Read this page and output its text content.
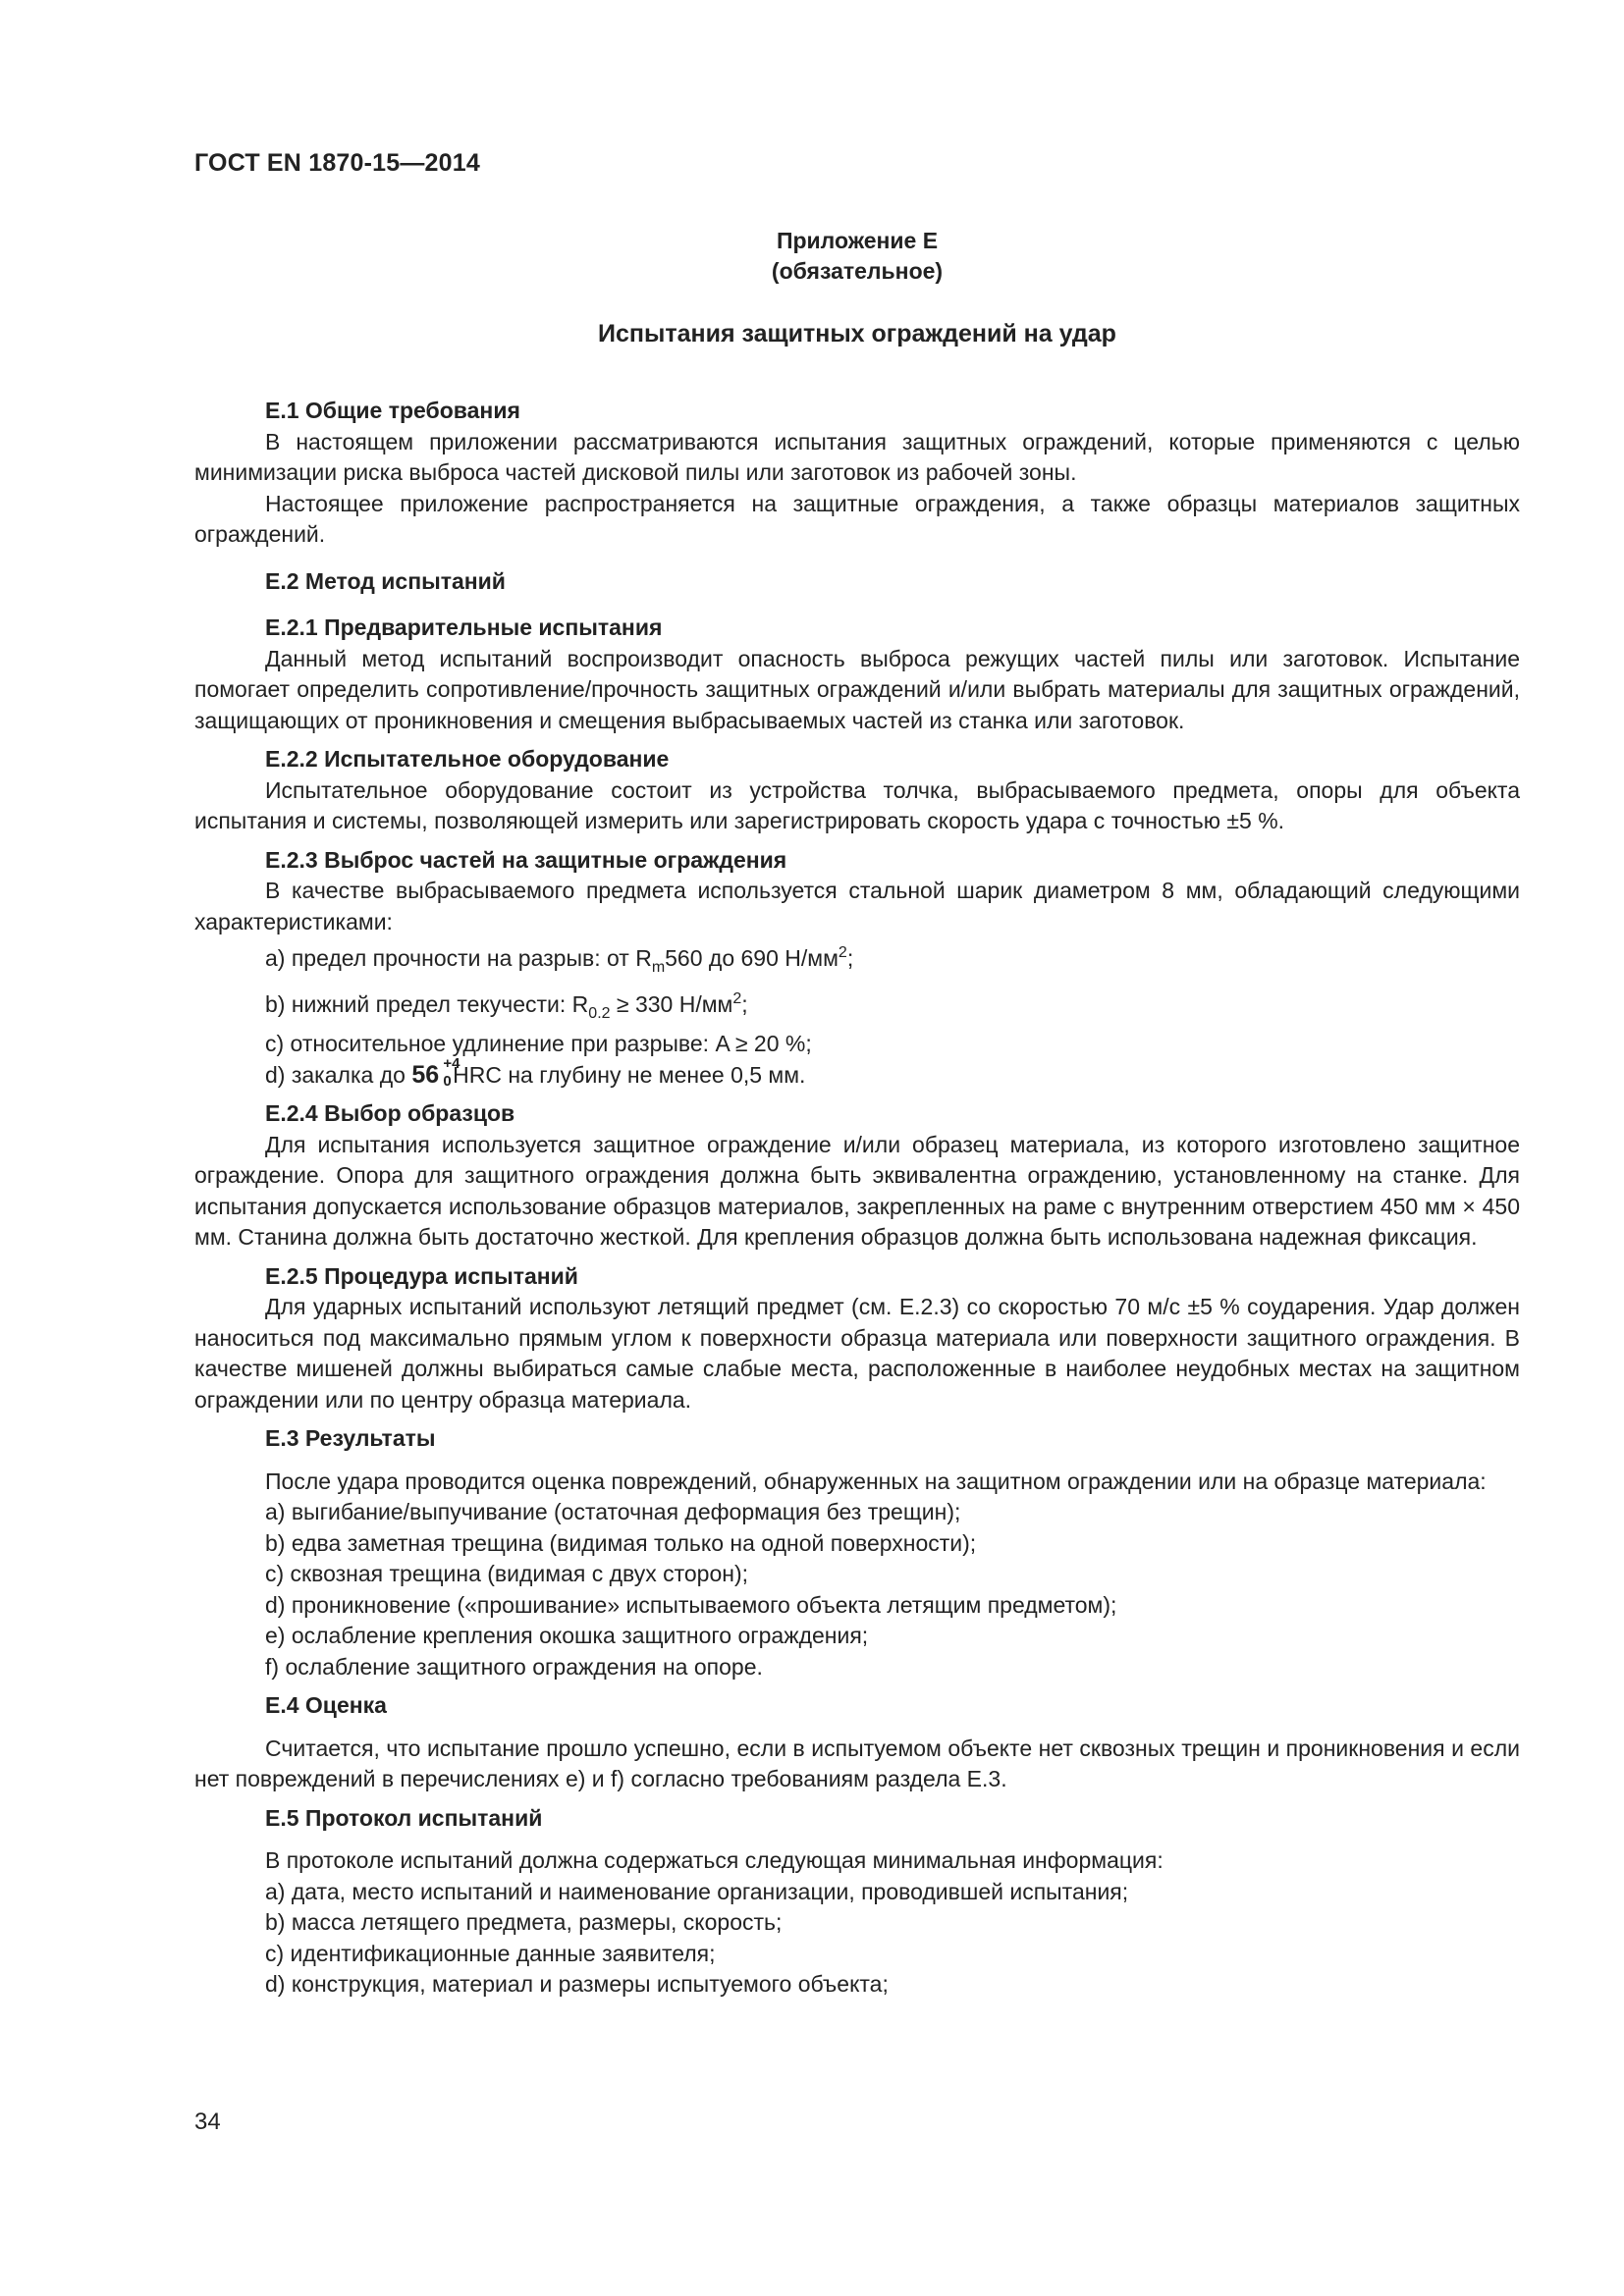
ГОСТ EN 1870-15—2014
Приложение Е
(обязательное)
Испытания защитных ограждений на удар
Е.1 Общие требования

В настоящем приложении рассматриваются испытания защитных ограждений, которые применяются с целью минимизации риска выброса частей дисковой пилы или заготовок из рабочей зоны.

Настоящее приложение распространяется на защитные ограждения, а также образцы материалов защитных ограждений.

Е.2 Метод испытаний
Е.2.1 Предварительные испытания

Данный метод испытаний воспроизводит опасность выброса режущих частей пилы или заготовок. Испытание помогает определить сопротивление/прочность защитных ограждений и/или выбрать материалы для защитных ограждений, защищающих от проникновения и смещения выбрасываемых частей из станка или заготовок.

Е.2.2 Испытательное оборудование

Испытательное оборудование состоит из устройства толчка, выбрасываемого предмета, опоры для объекта испытания и системы, позволяющей измерить или зарегистрировать скорость удара с точностью ±5 %.

Е.2.3 Выброс частей на защитные ограждения

В качестве выбрасываемого предмета используется стальной шарик диаметром 8 мм, обладающий следующими характеристиками:

a) предел прочности на разрыв: от $R_m560$ до 690 $Н/мм^2$;
b) нижний предел текучести: $R_{0.2} \ge 330$ $Н/мм^2$;
c) относительное удлинение при разрыве: A ≥ 20 %;
d) закалка до 56 +4
0 HRC на глубину не менее 0,5 мм.
Е.2.4 Выбор образцов

Для испытания используется защитное ограждение и/или образец материала, из которого изготовлено защитное ограждение. Опора для защитного ограждения должна быть эквивалентна ограждению, установленному на станке. Для испытания допускается использование образцов материалов, закрепленных на раме с внутренним отверстием 450 мм × 450 мм. Станина должна быть достаточно жесткой. Для крепления образцов должна быть использована надежная фиксация.

Е.2.5 Процедура испытаний

Для ударных испытаний используют летящий предмет (см. Е.2.3) со скоростью 70 м/с ±5 % соударения. Удар должен наноситься под максимально прямым углом к поверхности образца материала или поверхности защитного ограждения. В качестве мишеней должны выбираться самые слабые места, расположенные в наиболее неудобных местах на защитном ограждении или по центру образца материала.

Е.3 Результаты

После удара проводится оценка повреждений, обнаруженных на защитном ограждении или на образце материала:

a) выгибание/выпучивание (остаточная деформация без трещин);
b) едва заметная трещина (видимая только на одной поверхности);
c) сквозная трещина (видимая с двух сторон);
d) проникновение («прошивание» испытываемого объекта летящим предметом);
e) ослабление крепления окошка защитного ограждения;
f) ослабление защитного ограждения на опоре.
Е.4 Оценка

Считается, что испытание прошло успешно, если в испытуемом объекте нет сквозных трещин и проникновения и если нет повреждений в перечислениях e) и f) согласно требованиям раздела Е.3.

Е.5 Протокол испытаний

В протоколе испытаний должна содержаться следующая минимальная информация:

a) дата, место испытаний и наименование организации, проводившей испытания;
b) масса летящего предмета, размеры, скорость;
c) идентификационные данные заявителя;
d) конструкция, материал и размеры испытуемого объекта;
34
